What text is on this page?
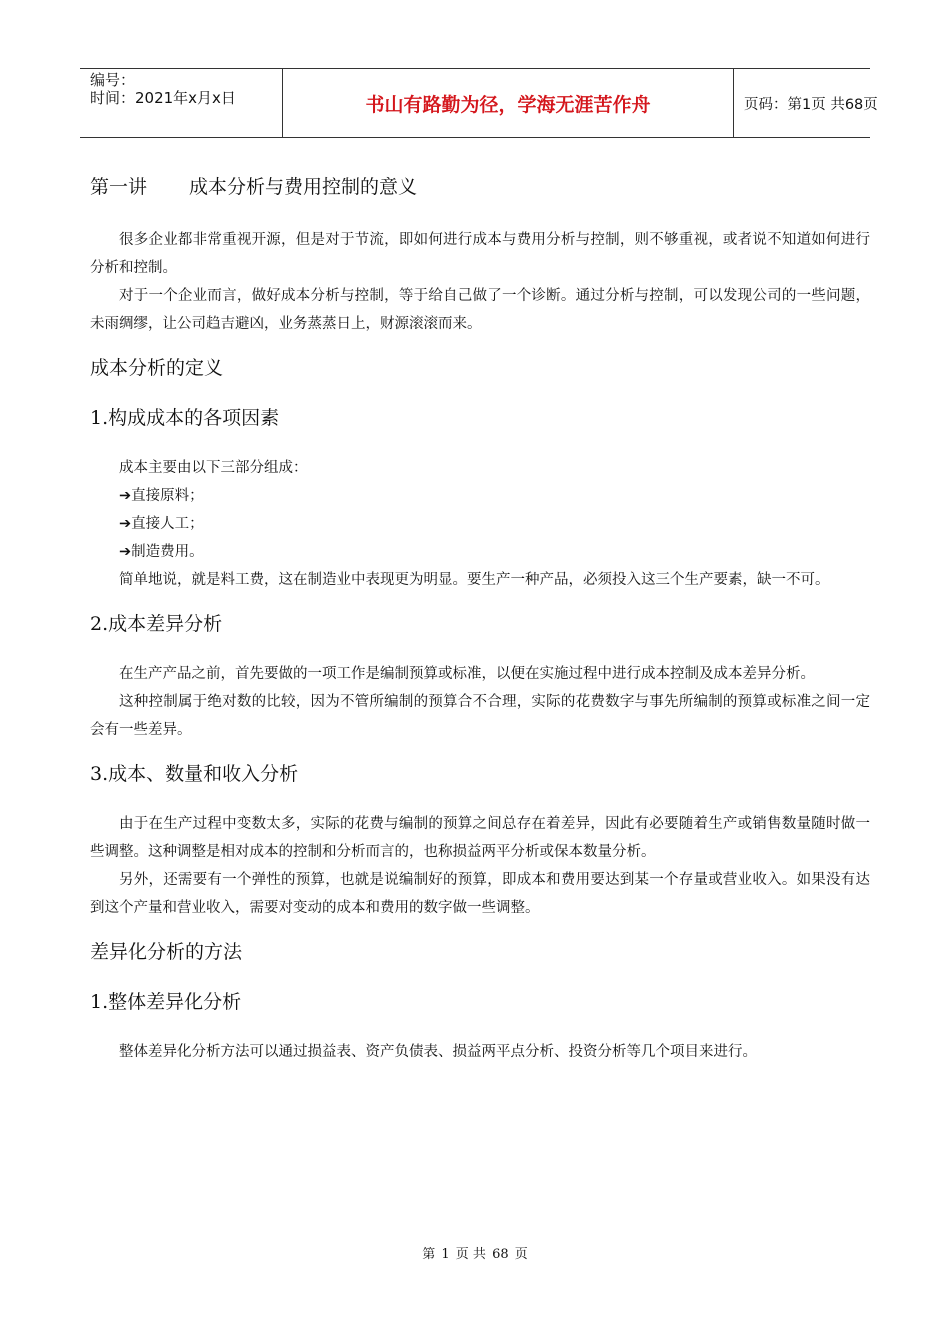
编号：
时间：2021年x月x日	书山有路勤为径，学海无涯苦作舟	页码：第1页 共68页
第一讲 成本分析与费用控制的意义

很多企业都非常重视开源，但是对于节流，即如何进行成本与费用分析与控制，则不够重视，或者说不知道如何进行分析和控制。

对于一个企业而言，做好成本分析与控制，等于给自己做了一个诊断。通过分析与控制，可以发现公司的一些问题，未雨绸缪，让公司趋吉避凶，业务蒸蒸日上，财源滚滚而来。

成本分析的定义
1.构成成本的各项因素

成本主要由以下三部分组成：

➔直接原料；
➔直接人工；
➔制造费用。

简单地说，就是料工费，这在制造业中表现更为明显。要生产一种产品，必须投入这三个生产要素，缺一不可。

2.成本差异分析

在生产产品之前，首先要做的一项工作是编制预算或标准，以便在实施过程中进行成本控制及成本差异分析。

这种控制属于绝对数的比较，因为不管所编制的预算合不合理，实际的花费数字与事先所编制的预算或标准之间一定会有一些差异。

3.成本、数量和收入分析

由于在生产过程中变数太多，实际的花费与编制的预算之间总存在着差异，因此有必要随着生产或销售数量随时做一些调整。这种调整是相对成本的控制和分析而言的，也称损益两平分析或保本数量分析。

另外，还需要有一个弹性的预算，也就是说编制好的预算，即成本和费用要达到某一个存量或营业收入。如果没有达到这个产量和营业收入，需要对变动的成本和费用的数字做一些调整。

差异化分析的方法
1.整体差异化分析

整体差异化分析方法可以通过损益表、资产负债表、损益两平点分析、投资分析等几个项目来进行。

第 1 页 共 68 页
